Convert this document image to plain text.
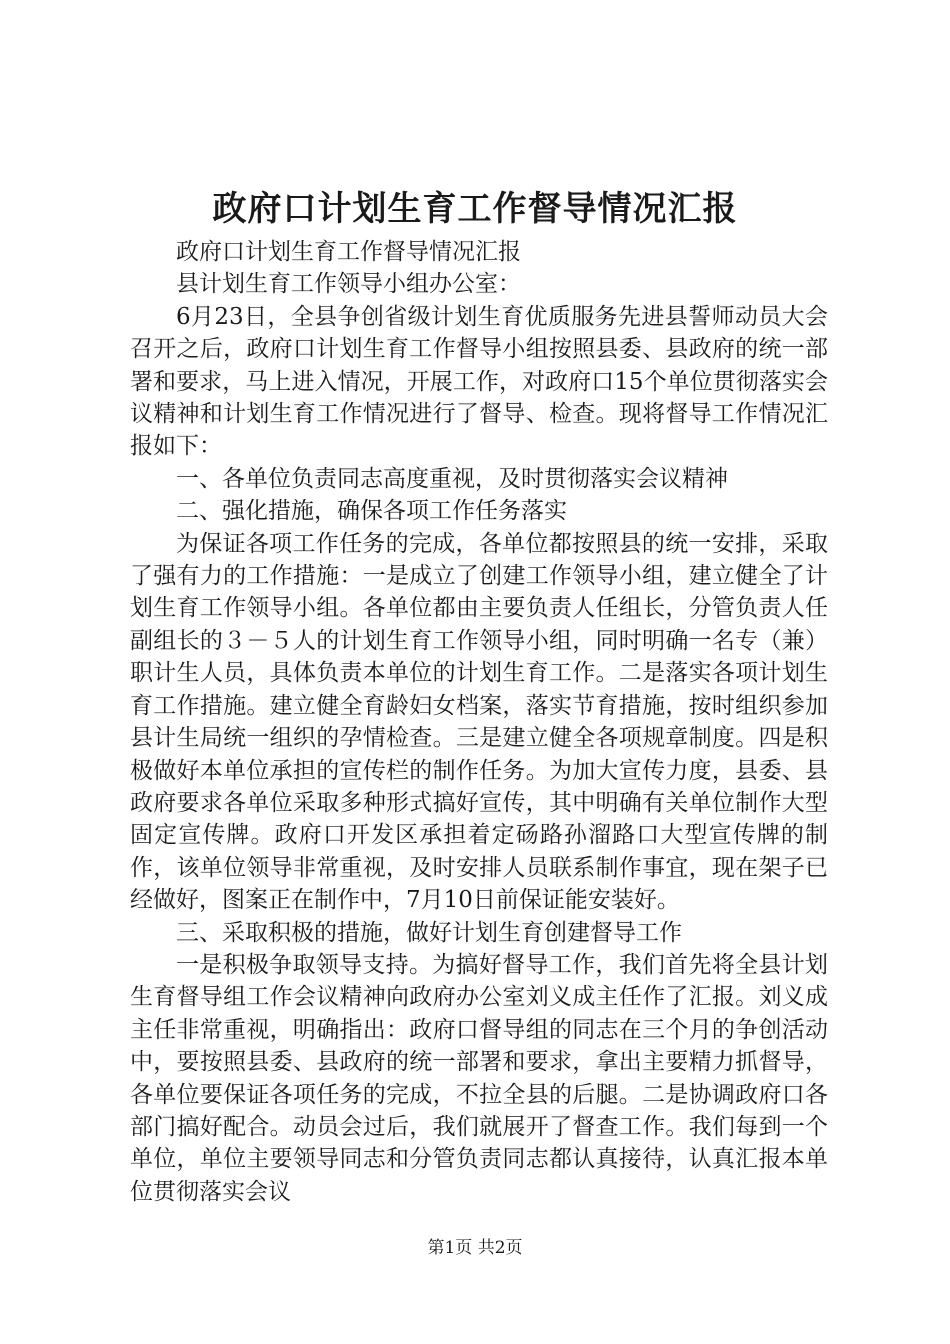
政府口计划生育工作督导情况汇报

政府口计划生育工作督导情况汇报

县计划生育工作领导小组办公室：

6月23日，全县争创省级计划生育优质服务先进县誓师动员大会召开之后，政府口计划生育工作督导小组按照县委、县政府的统一部署和要求，马上进入情况，开展工作，对政府口15个单位贯彻落实会议精神和计划生育工作情况进行了督导、检查。现将督导工作情况汇报如下：

一、各单位负责同志高度重视，及时贯彻落实会议精神

二、强化措施，确保各项工作任务落实

为保证各项工作任务的完成，各单位都按照县的统一安排，采取了强有力的工作措施：一是成立了创建工作领导小组，建立健全了计划生育工作领导小组。各单位都由主要负责人任组长，分管负责人任副组长的３－５人的计划生育工作领导小组，同时明确一名专（兼）职计生人员，具体负责本单位的计划生育工作。二是落实各项计划生育工作措施。建立健全育龄妇女档案，落实节育措施，按时组织参加县计生局统一组织的孕情检查。三是建立健全各项规章制度。四是积极做好本单位承担的宣传栏的制作任务。为加大宣传力度，县委、县政府要求各单位采取多种形式搞好宣传，其中明确有关单位制作大型固定宣传牌。政府口开发区承担着定砀路孙溜路口大型宣传牌的制作，该单位领导非常重视，及时安排人员联系制作事宜，现在架子已经做好，图案正在制作中，7月10日前保证能安装好。

三、采取积极的措施，做好计划生育创建督导工作

一是积极争取领导支持。为搞好督导工作，我们首先将全县计划生育督导组工作会议精神向政府办公室刘义成主任作了汇报。刘义成主任非常重视，明确指出：政府口督导组的同志在三个月的争创活动中，要按照县委、县政府的统一部署和要求，拿出主要精力抓督导，各单位要保证各项任务的完成，不拉全县的后腿。二是协调政府口各部门搞好配合。动员会过后，我们就展开了督查工作。我们每到一个单位，单位主要领导同志和分管负责同志都认真接待，认真汇报本单位贯彻落实会议

第1页 共2页
